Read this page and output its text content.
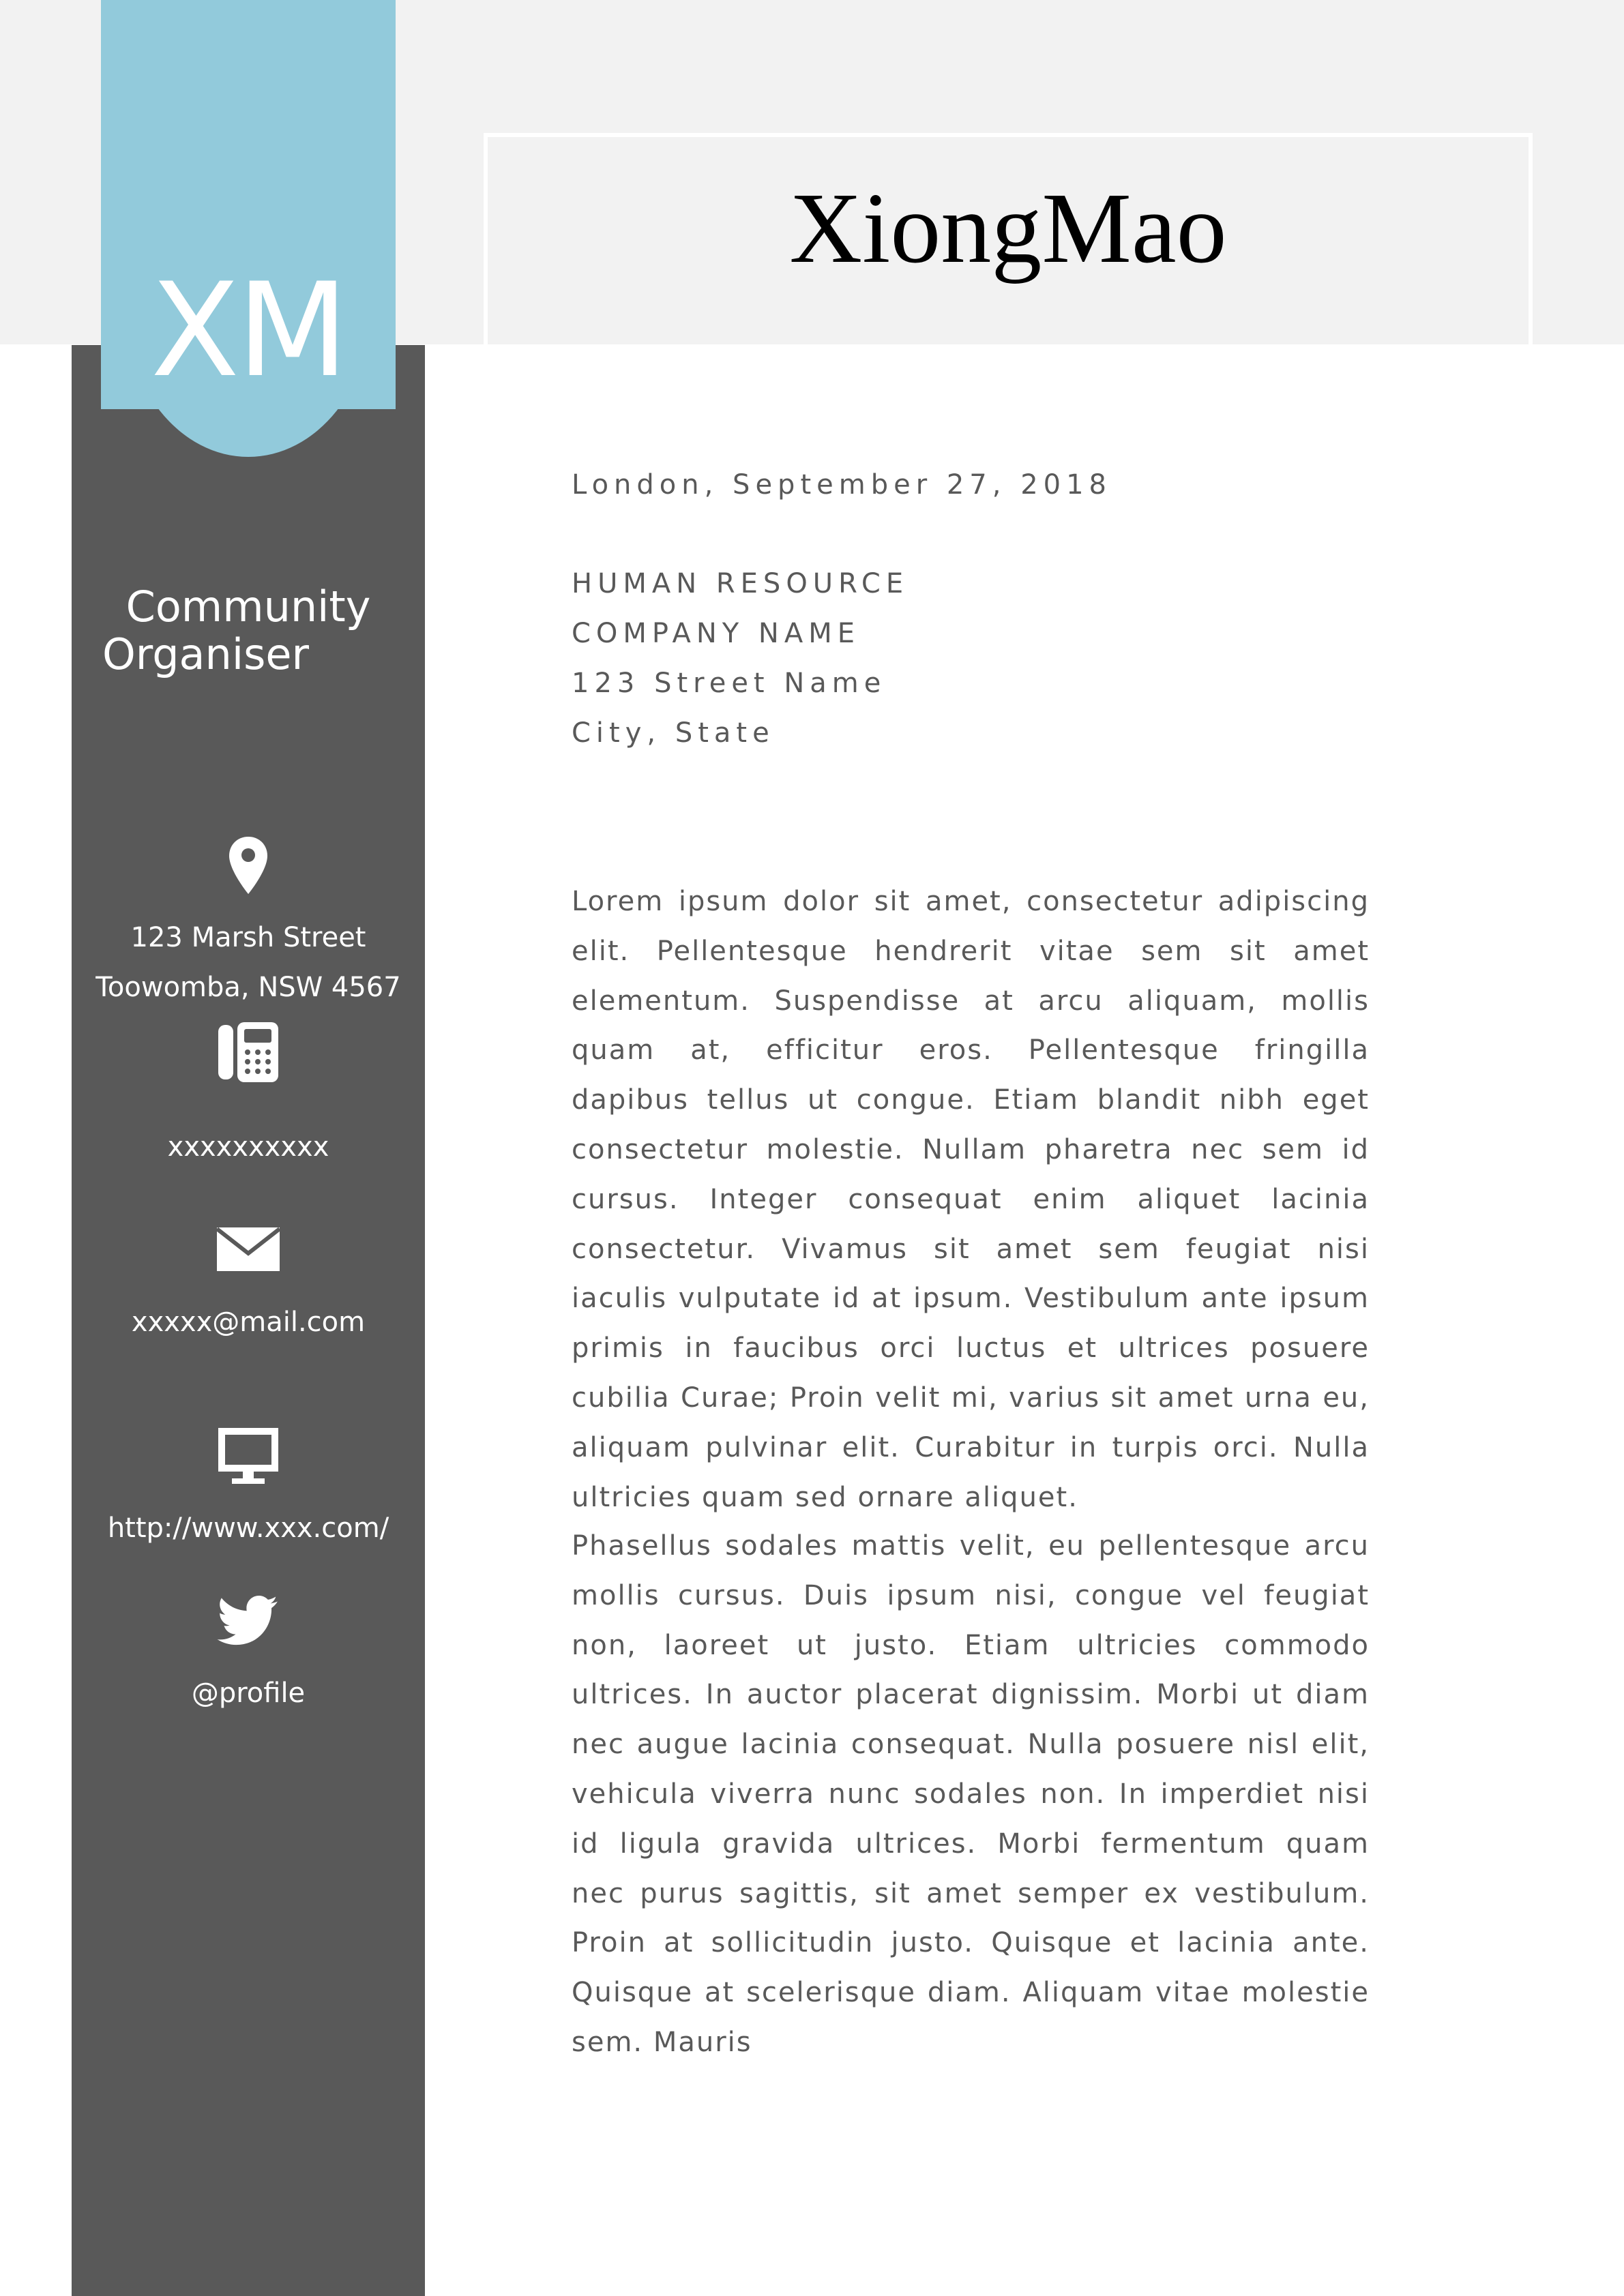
XiongMao
XM
Community
Organiser
123 Marsh Street
Toowomba, NSW 4567
xxxxxxxxxx
xxxxx@mail.com
http://www.xxx.com/
@profile

London, September 27, 2018

HUMAN RESOURCE

COMPANY NAME

123 Street Name

City, State

Lorem ipsum dolor sit amet, consectetur adipiscing elit. Pellentesque hendrerit vitae sem sit amet elementum. Suspendisse at arcu aliquam, mollis quam at, efficitur eros. Pellentesque fringilla dapibus tellus ut congue. Etiam blandit nibh eget consectetur molestie. Nullam pharetra nec sem id cursus. Integer consequat enim aliquet lacinia consectetur. Vivamus sit amet sem feugiat nisi iaculis vulputate id at ipsum. Vestibulum ante ipsum primis in faucibus orci luctus et ultrices posuere cubilia Curae; Proin velit mi, varius sit amet urna eu, aliquam pulvinar elit. Curabitur in turpis orci. Nulla ultricies quam sed ornare aliquet.

Phasellus sodales mattis velit, eu pellentesque arcu mollis cursus. Duis ipsum nisi, congue vel feugiat non, laoreet ut justo. Etiam ultricies commodo ultrices. In auctor placerat dignissim. Morbi ut diam nec augue lacinia consequat. Nulla posuere nisl elit, vehicula viverra nunc sodales non. In imperdiet nisi id ligula gravida ultrices. Morbi fermentum quam nec purus sagittis, sit amet semper ex vestibulum. Proin at sollicitudin justo. Quisque et lacinia ante. Quisque at scelerisque diam. Aliquam vitae molestie sem. Mauris
